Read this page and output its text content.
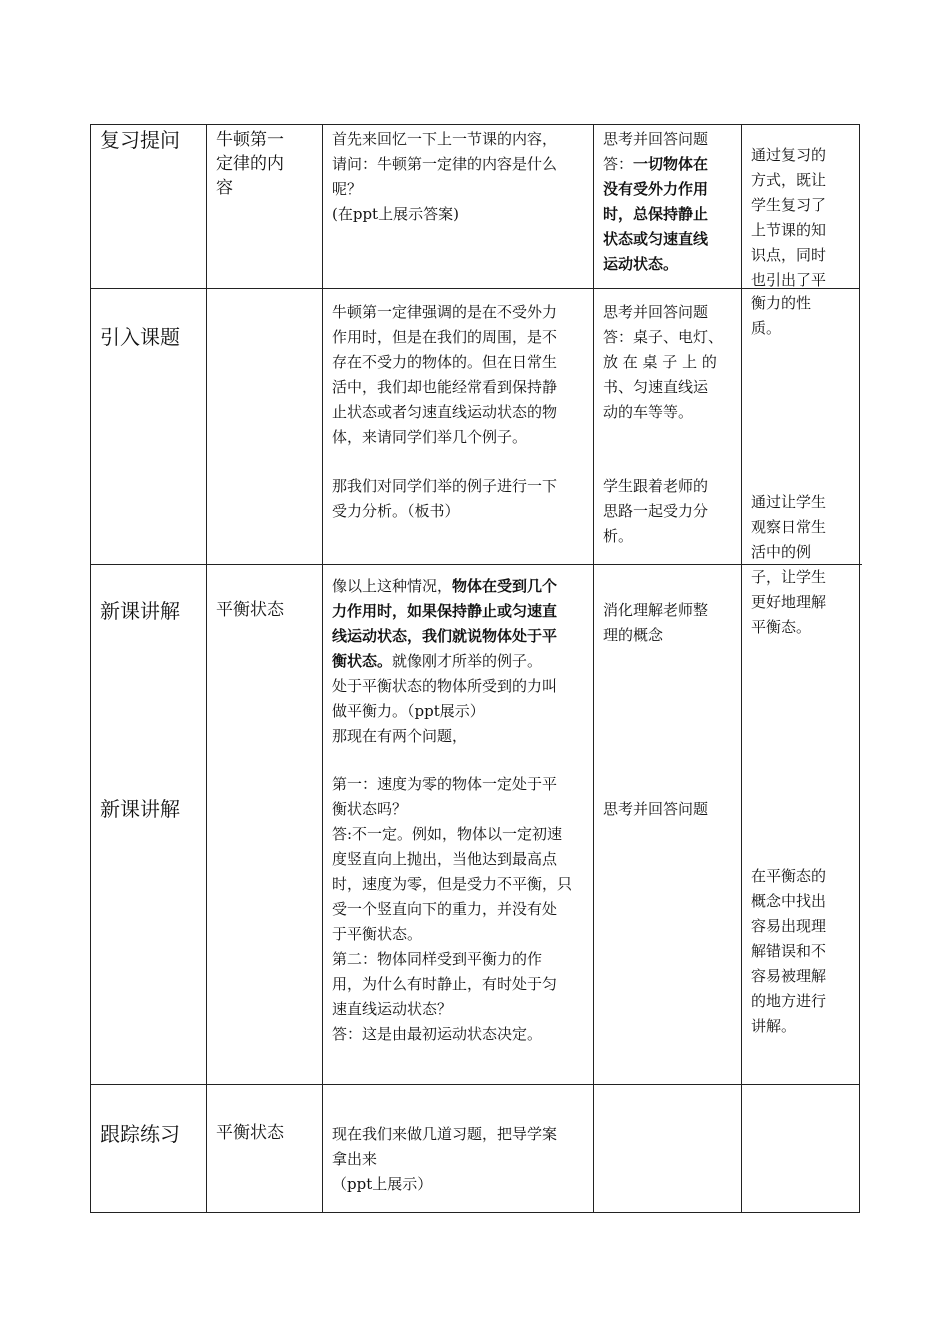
复习提问 牛顿第一
定律的内
容
首先来回忆一下上一节课的内容，
请问：牛顿第一定律的内容是什么
呢？
(在ppt上展示答案)
思考并回答问题
答：一切物体在
没有受外力作用
时，总保持静止
状态或匀速直线
运动状态。
通过复习的
方式，既让
学生复习了
上节课的知
识点，同时
也引出了平
引入课题
牛顿第一定律强调的是在不受外力
作用时，但是在我们的周围，是不
存在不受力的物体的。但在日常生
活中，我们却也能经常看到保持静
止状态或者匀速直线运动状态的物
体，来请同学们举几个例子。
那我们对同学们举的例子进行一下
受力分析。（板书）
思考并回答问题
答：桌子、电灯、
放 在 桌 子 上 的
书、匀速直线运
动的车等等。
学生跟着老师的
思路一起受力分
析。
衡力的性
质。
通过让学生
观察日常生
活中的例
新课讲解
新课讲解
平衡状态
像以上这种情况，物体在受到几个
力作用时，如果保持静止或匀速直
线运动状态，我们就说物体处于平
衡状态。就像刚才所举的例子。
处于平衡状态的物体所受到的力叫
做平衡力。（ppt展示）
那现在有两个问题，
第一：速度为零的物体一定处于平
衡状态吗？
答:不一定。例如，物体以一定初速
度竖直向上抛出，当他达到最高点
时，速度为零，但是受力不平衡，只
受一个竖直向下的重力，并没有处
于平衡状态。
第二：物体同样受到平衡力的作
用，为什么有时静止，有时处于匀
速直线运动状态？
答：这是由最初运动状态决定。
消化理解老师整
理的概念
思考并回答问题
子，让学生
更好地理解
平衡态。
在平衡态的
概念中找出
容易出现理
解错误和不
容易被理解
的地方进行
讲解。
跟踪练习 平衡状态	现在我们来做几道习题，把导学案
拿出来
（ppt上展示）
